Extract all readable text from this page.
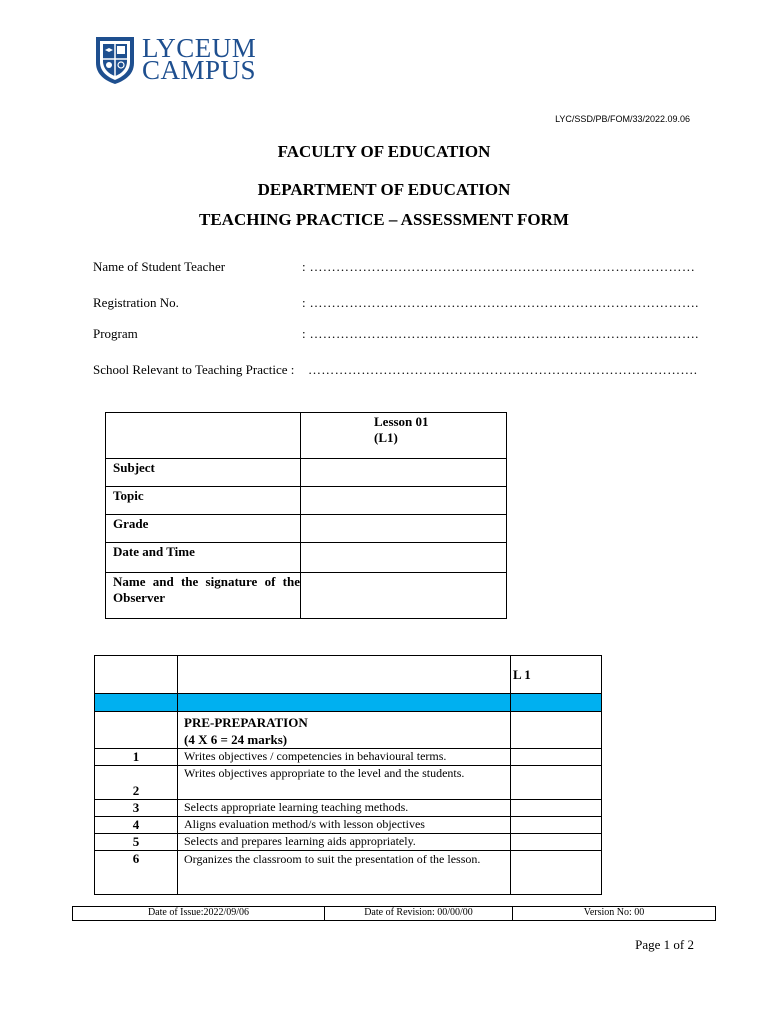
LYCEUM
CAMPUS
LYC/SSD/PB/FOM/33/2022.09.06
FACULTY OF EDUCATION
DEPARTMENT OF EDUCATION
TEACHING PRACTICE – ASSESSMENT FORM
Name of Student Teacher	: ……………………………………………………………………………
Registration No.	: …………………………………………………………………………….
Program	: …………………………………………………………………………….
School Relevant to Teaching Practice : …………………………………………………………………………….

	Lesson 01
(L1)

Subject	
Topic	
Grade	
Date and Time	
Name and the signature of the Observer	
		L 1

	PRE-PREPARATION
(4 X 6 = 24 marks)	

1	Writes objectives / competencies in behavioural terms.	
2	Writes objectives appropriate to the level and the students.	
3	Selects appropriate learning teaching methods.	
4	Aligns evaluation method/s with lesson objectives	
5	Selects and prepares learning aids appropriately.	
6	Organizes the classroom to suit the presentation of the lesson.	
Date of Issue:2022/09/06	Date of Revision: 00/00/00	Version No: 00
Page 1 of 2
